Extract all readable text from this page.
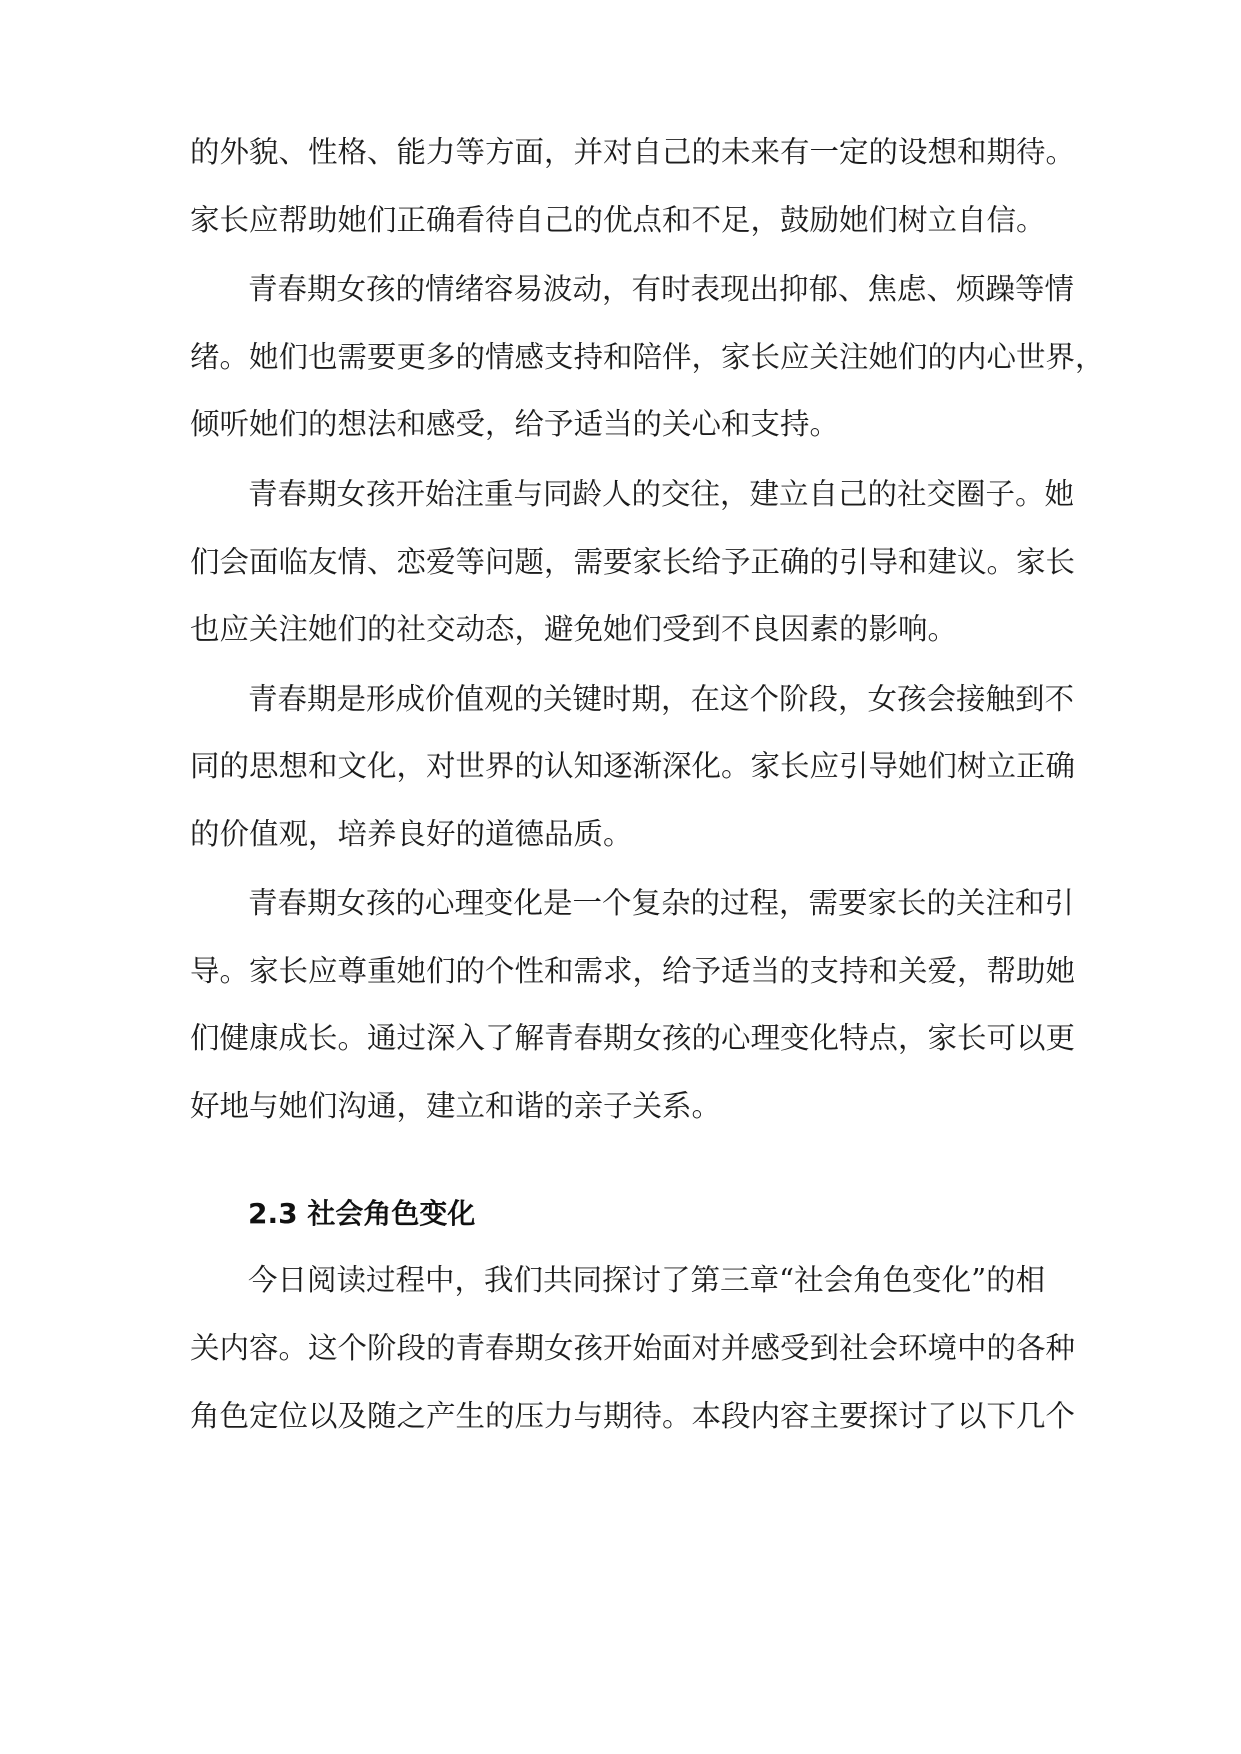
的外貌、性格、能力等方面，并对自己的未来有一定的设想和期待。

家长应帮助她们正确看待自己的优点和不足，鼓励她们树立自信。

青春期女孩的情绪容易波动，有时表现出抑郁、焦虑、烦躁等情

绪。她们也需要更多的情感支持和陪伴，家长应关注她们的内心世界，

倾听她们的想法和感受，给予适当的关心和支持。

青春期女孩开始注重与同龄人的交往，建立自己的社交圈子。她

们会面临友情、恋爱等问题，需要家长给予正确的引导和建议。家长

也应关注她们的社交动态，避免她们受到不良因素的影响。

青春期是形成价值观的关键时期，在这个阶段，女孩会接触到不

同的思想和文化，对世界的认知逐渐深化。家长应引导她们树立正确

的价值观，培养良好的道德品质。

青春期女孩的心理变化是一个复杂的过程，需要家长的关注和引

导。家长应尊重她们的个性和需求，给予适当的支持和关爱，帮助她

们健康成长。通过深入了解青春期女孩的心理变化特点，家长可以更

好地与她们沟通，建立和谐的亲子关系。

2.3 社会角色变化

今日阅读过程中，我们共同探讨了第三章“社会角色变化”的相

关内容。这个阶段的青春期女孩开始面对并感受到社会环境中的各种

角色定位以及随之产生的压力与期待。本段内容主要探讨了以下几个
